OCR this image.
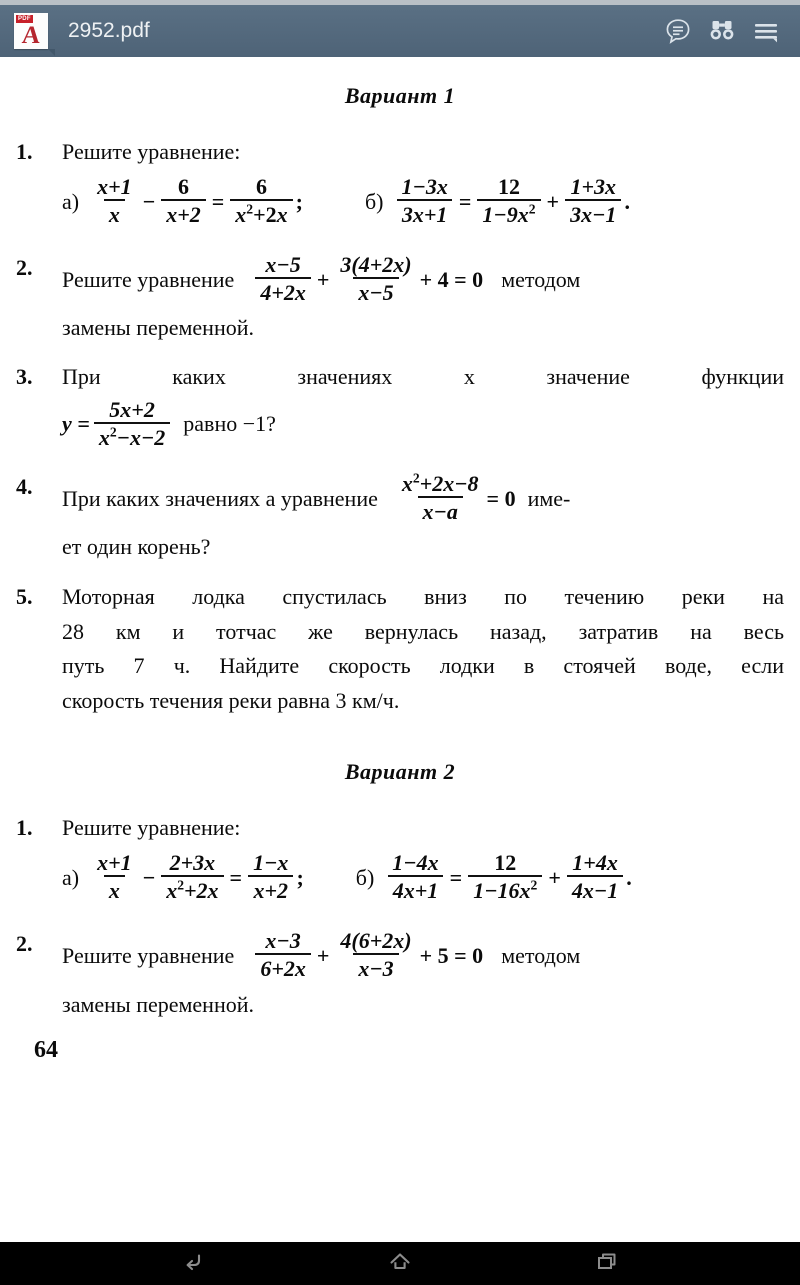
PDF
A	2952.pdf
Вариант 1
1.	Решите уравнение:
$а) \frac{x+1}{x} - \frac{6}{x+2} = \frac{6}{x^2+2x}$ ;	$б) \frac{1-3x}{3x+1} = \frac{12}{1-9x^2} + \frac{1+3x}{3x-1}$ .
2.	Решите уравнение $\frac{x-5}{4+2x} + \frac{3(4+2x)}{x-5} + 4 = 0$ методом
замены переменной.
3.	При каких значениях x значение функции
$y = \frac{5x+2}{x^2-x-2}$ равно −1?
4.	При каких значениях a уравнение $\frac{x^2+2x-8}{x-a} = 0$ име-
ет один корень?
5.	Моторная лодка спустилась вниз по течению реки на
28 км и тотчас же вернулась назад, затратив на весь
путь 7 ч. Найдите скорость лодки в стоячей воде, если
скорость течения реки равна 3 км/ч.
Вариант 2
1.	Решите уравнение:
$а) \frac{x+1}{x} - \frac{2+3x}{x^2+2x} = \frac{1-x}{x+2}$ ; $б) \frac{1-4x}{4x+1} = \frac{12}{1-16x^2} + \frac{1+4x}{4x-1}$ .
2.	Решите уравнение $\frac{x-3}{6+2x} + \frac{4(6+2x)}{x-3} + 5 = 0$ методом
замены переменной.
64
